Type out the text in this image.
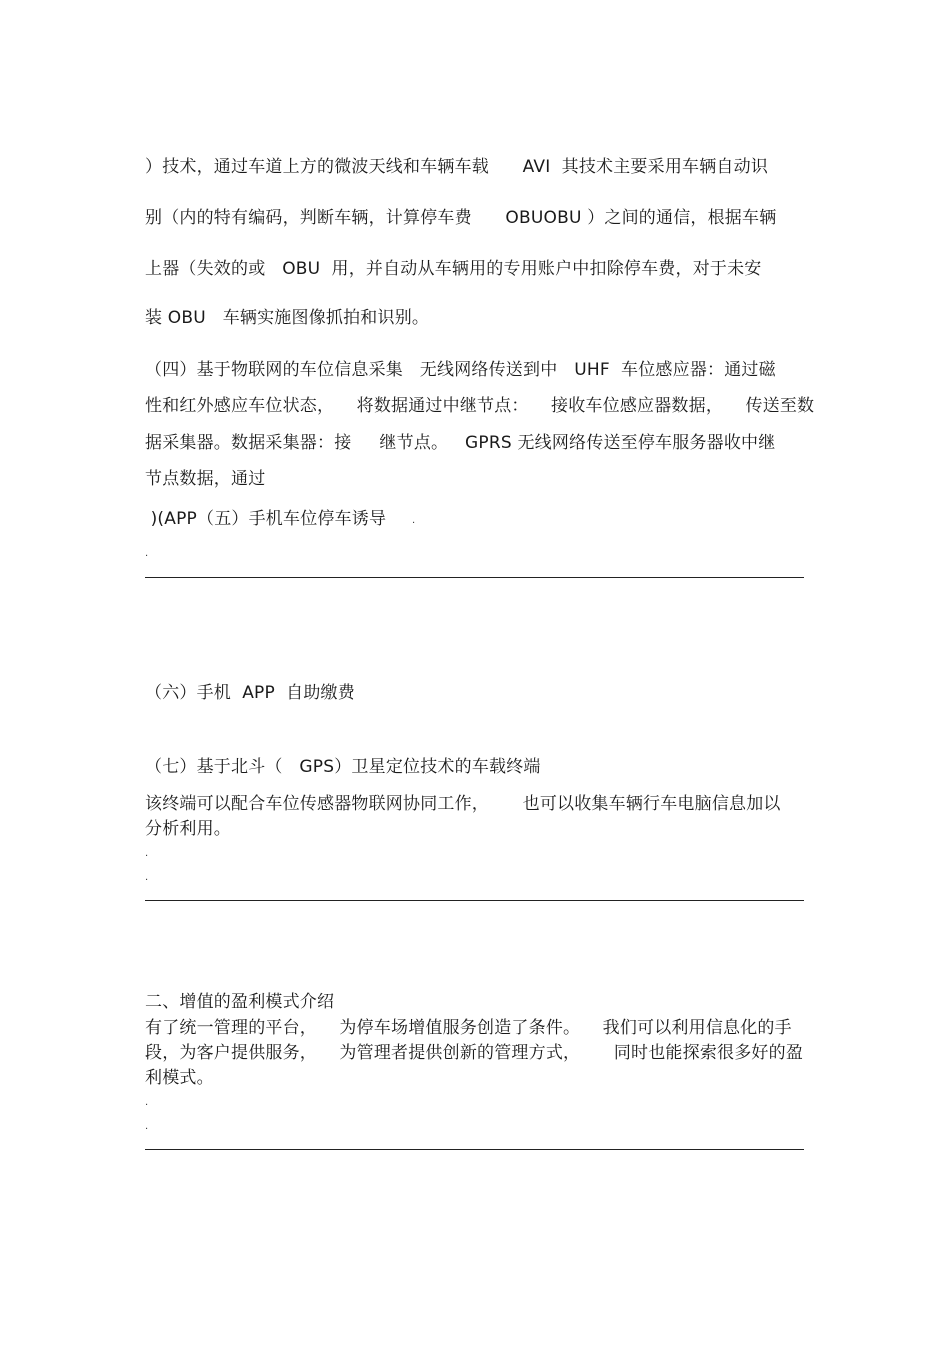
）技术，通过车道上方的微波天线和车辆车载      AVI  其技术主要采用车辆自动识
别（内的特有编码，判断车辆，计算停车费      OBUOBU ）之间的通信，根据车辆
上器（失效的或   OBU  用，并自动从车辆用的专用账户中扣除停车费，对于未安
装 OBU   车辆实施图像抓拍和识别。
（四）基于物联网的车位信息采集   无线网络传送到中   UHF  车位感应器：通过磁
性和红外感应车位状态，    将数据通过中继节点：    接收车位感应器数据，    传送至数
据采集器。数据采集器：接     继节点。   GPRS 无线网络传送至停车服务器收中继
节点数据，通过
)(APP（五）手机车位停车诱导	.
.
（六）手机  APP  自助缴费
（七）基于北斗（   GPS）卫星定位技术的车载终端
该终端可以配合车位传感器物联网协同工作，      也可以收集车辆行车电脑信息加以
分析利用。
.
.
二、增值的盈利模式介绍
有了统一管理的平台，    为停车场增值服务创造了条件。    我们可以利用信息化的手
段，为客户提供服务，    为管理者提供创新的管理方式，      同时也能探索很多好的盈
利模式。
.
.
